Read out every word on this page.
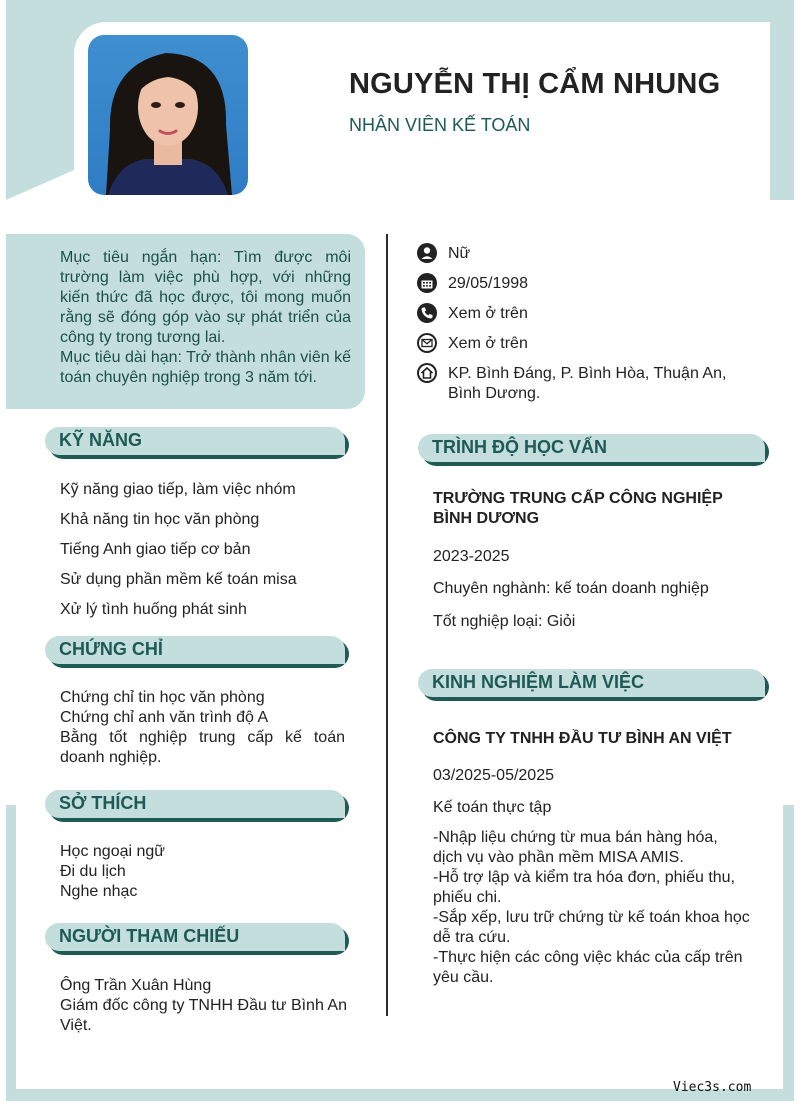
NGUYỄN THỊ CẨM NHUNG
NHÂN VIÊN KẾ TOÁN

Mục tiêu ngắn hạn: Tìm được môi trường làm việc phù hợp, với những kiến thức đã học được, tôi mong muốn rằng sẽ đóng góp vào sự phát triển của công ty trong tương lai.
Mục tiêu dài hạn: Trở thành nhân viên kế toán chuyên nghiệp trong 3 năm tới.

Nữ
29/05/1998
Xem ở trên
Xem ở trên
KP. Bình Đáng, P. Bình Hòa, Thuận An,
Bình Dương.
KỸ NĂNG
Kỹ năng giao tiếp, làm việc nhóm
Khả năng tin học văn phòng
Tiếng Anh giao tiếp cơ bản
Sử dụng phần mềm kế toán misa
Xử lý tình huống phát sinh
CHỨNG CHỈ
Chứng chỉ tin học văn phòng
Chứng chỉ anh văn trình độ A
Bằng tốt nghiệp trung cấp kế toán doanh nghiệp.
SỞ THÍCH
Học ngoại ngữ
Đi du lịch
Nghe nhạc
NGƯỜI THAM CHIẾU
Ông Trần Xuân Hùng
Giám đốc công ty TNHH Đầu tư Bình An Việt.
TRÌNH ĐỘ HỌC VẤN
TRƯỜNG TRUNG CẤP CÔNG NGHIỆP BÌNH DƯƠNG
2023-2025
Chuyên nghành: kế toán doanh nghiệp
Tốt nghiệp loại: Giỏi
KINH NGHIỆM LÀM VIỆC
CÔNG TY TNHH ĐẦU TƯ BÌNH AN VIỆT
03/2025-05/2025
Kế toán thực tập
-Nhập liệu chứng từ mua bán hàng hóa, dịch vụ vào phần mềm MISA AMIS.
-Hỗ trợ lập và kiểm tra hóa đơn, phiếu thu, phiếu chi.
-Sắp xếp, lưu trữ chứng từ kế toán khoa học dễ tra cứu.
-Thực hiện các công việc khác của cấp trên yêu cầu.
Viec3s.com
